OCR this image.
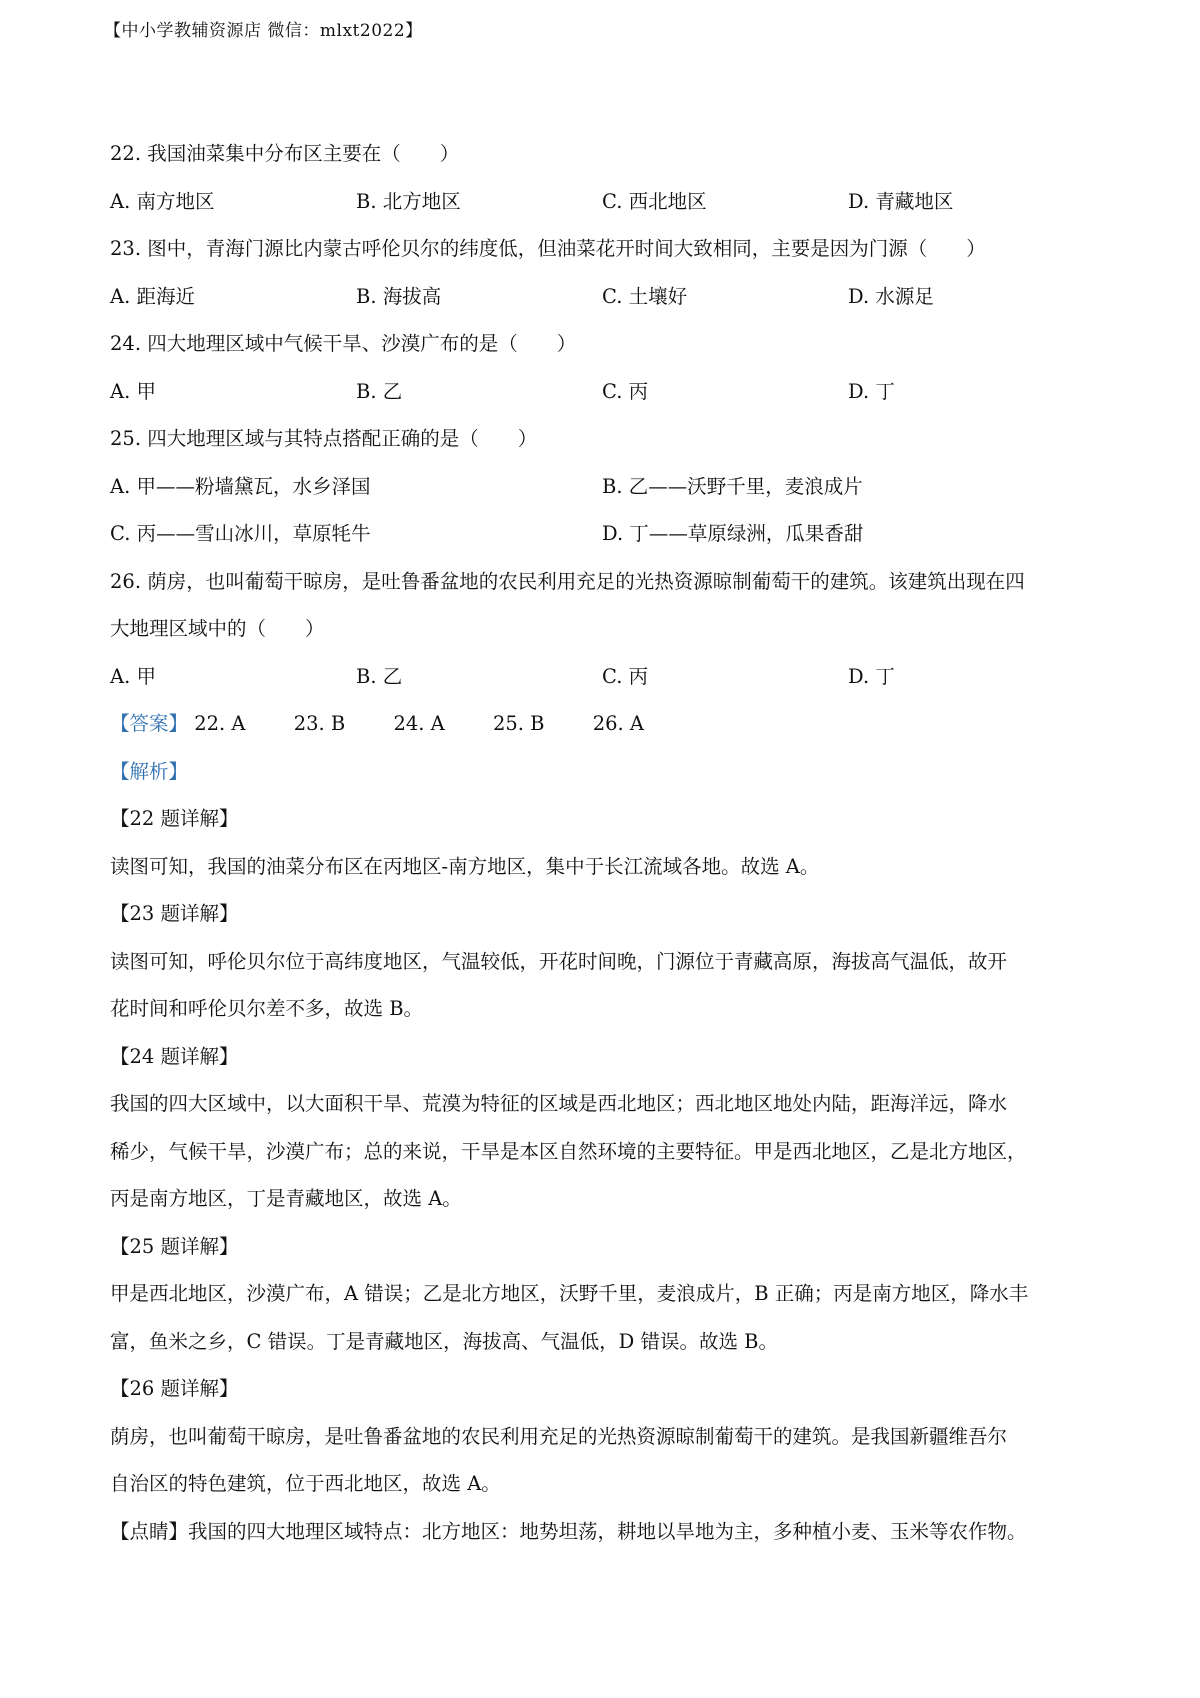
【中小学教辅资源店 微信：mlxt2022】
22. 我国油菜集中分布区主要在（　　）
A. 南方地区	B. 北方地区	C. 西北地区	D. 青藏地区
23. 图中，青海门源比内蒙古呼伦贝尔的纬度低，但油菜花开时间大致相同，主要是因为门源（　　）
A. 距海近	B. 海拔高	C. 土壤好	D. 水源足
24. 四大地理区域中气候干旱、沙漠广布的是（　　）
A. 甲	B. 乙	C. 丙	D. 丁
25. 四大地理区域与其特点搭配正确的是（　　）
A. 甲——粉墙黛瓦，水乡泽国	B. 乙——沃野千里，麦浪成片
C. 丙——雪山冰川，草原牦牛	D. 丁——草原绿洲，瓜果香甜
26. 荫房，也叫葡萄干晾房，是吐鲁番盆地的农民利用充足的光热资源晾制葡萄干的建筑。该建筑出现在四
大地理区域中的（　　）
A. 甲	B. 乙	C. 丙	D. 丁
【答案】 22. A 23. B 24. A 25. B 26. A
【解析】
【22 题详解】
读图可知，我国的油菜分布区在丙地区-南方地区，集中于长江流域各地。故选 A。
【23 题详解】
读图可知，呼伦贝尔位于高纬度地区，气温较低，开花时间晚，门源位于青藏高原，海拔高气温低，故开
花时间和呼伦贝尔差不多，故选 B。
【24 题详解】
我国的四大区域中，以大面积干旱、荒漠为特征的区域是西北地区；西北地区地处内陆，距海洋远，降水
稀少，气候干旱，沙漠广布；总的来说，干旱是本区自然环境的主要特征。甲是西北地区，乙是北方地区，
丙是南方地区，丁是青藏地区，故选 A。
【25 题详解】
甲是西北地区，沙漠广布，A 错误；乙是北方地区，沃野千里，麦浪成片，B 正确；丙是南方地区，降水丰
富，鱼米之乡，C 错误。丁是青藏地区，海拔高、气温低，D 错误。故选 B。
【26 题详解】
荫房，也叫葡萄干晾房，是吐鲁番盆地的农民利用充足的光热资源晾制葡萄干的建筑。是我国新疆维吾尔
自治区的特色建筑，位于西北地区，故选 A。
【点睛】我国的四大地理区域特点：北方地区：地势坦荡，耕地以旱地为主，多种植小麦、玉米等农作物。
